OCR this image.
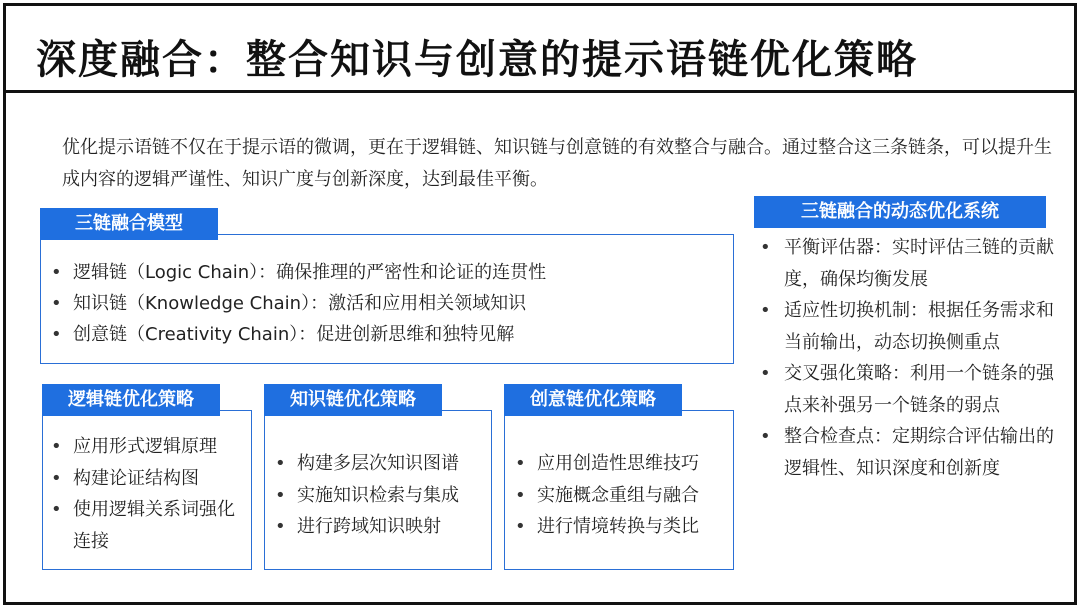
深度融合：整合知识与创意的提示语链优化策略
优化提示语链不仅在于提示语的微调，更在于逻辑链、知识链与创意链的有效整合与融合。通过整合这三条链条，可以提升生成内容的逻辑严谨性、知识广度与创新深度，达到最佳平衡。
• 逻辑链（Logic Chain）：确保推理的严密性和论证的连贯性
• 知识链（Knowledge Chain）：激活和应用相关领域知识
• 创意链（Creativity Chain）：促进创新思维和独特见解
三链融合模型
• 应用形式逻辑原理
• 构建论证结构图
• 使用逻辑关系词强化连接
逻辑链优化策略
• 构建多层次知识图谱
• 实施知识检索与集成
• 进行跨域知识映射
知识链优化策略
• 应用创造性思维技巧
• 实施概念重组与融合
• 进行情境转换与类比
创意链优化策略
三链融合的动态优化系统
• 平衡评估器：实时评估三链的贡献度，确保均衡发展
• 适应性切换机制：根据任务需求和当前输出，动态切换侧重点
• 交叉强化策略：利用一个链条的强点来补强另一个链条的弱点
• 整合检查点：定期综合评估输出的逻辑性、知识深度和创新度
